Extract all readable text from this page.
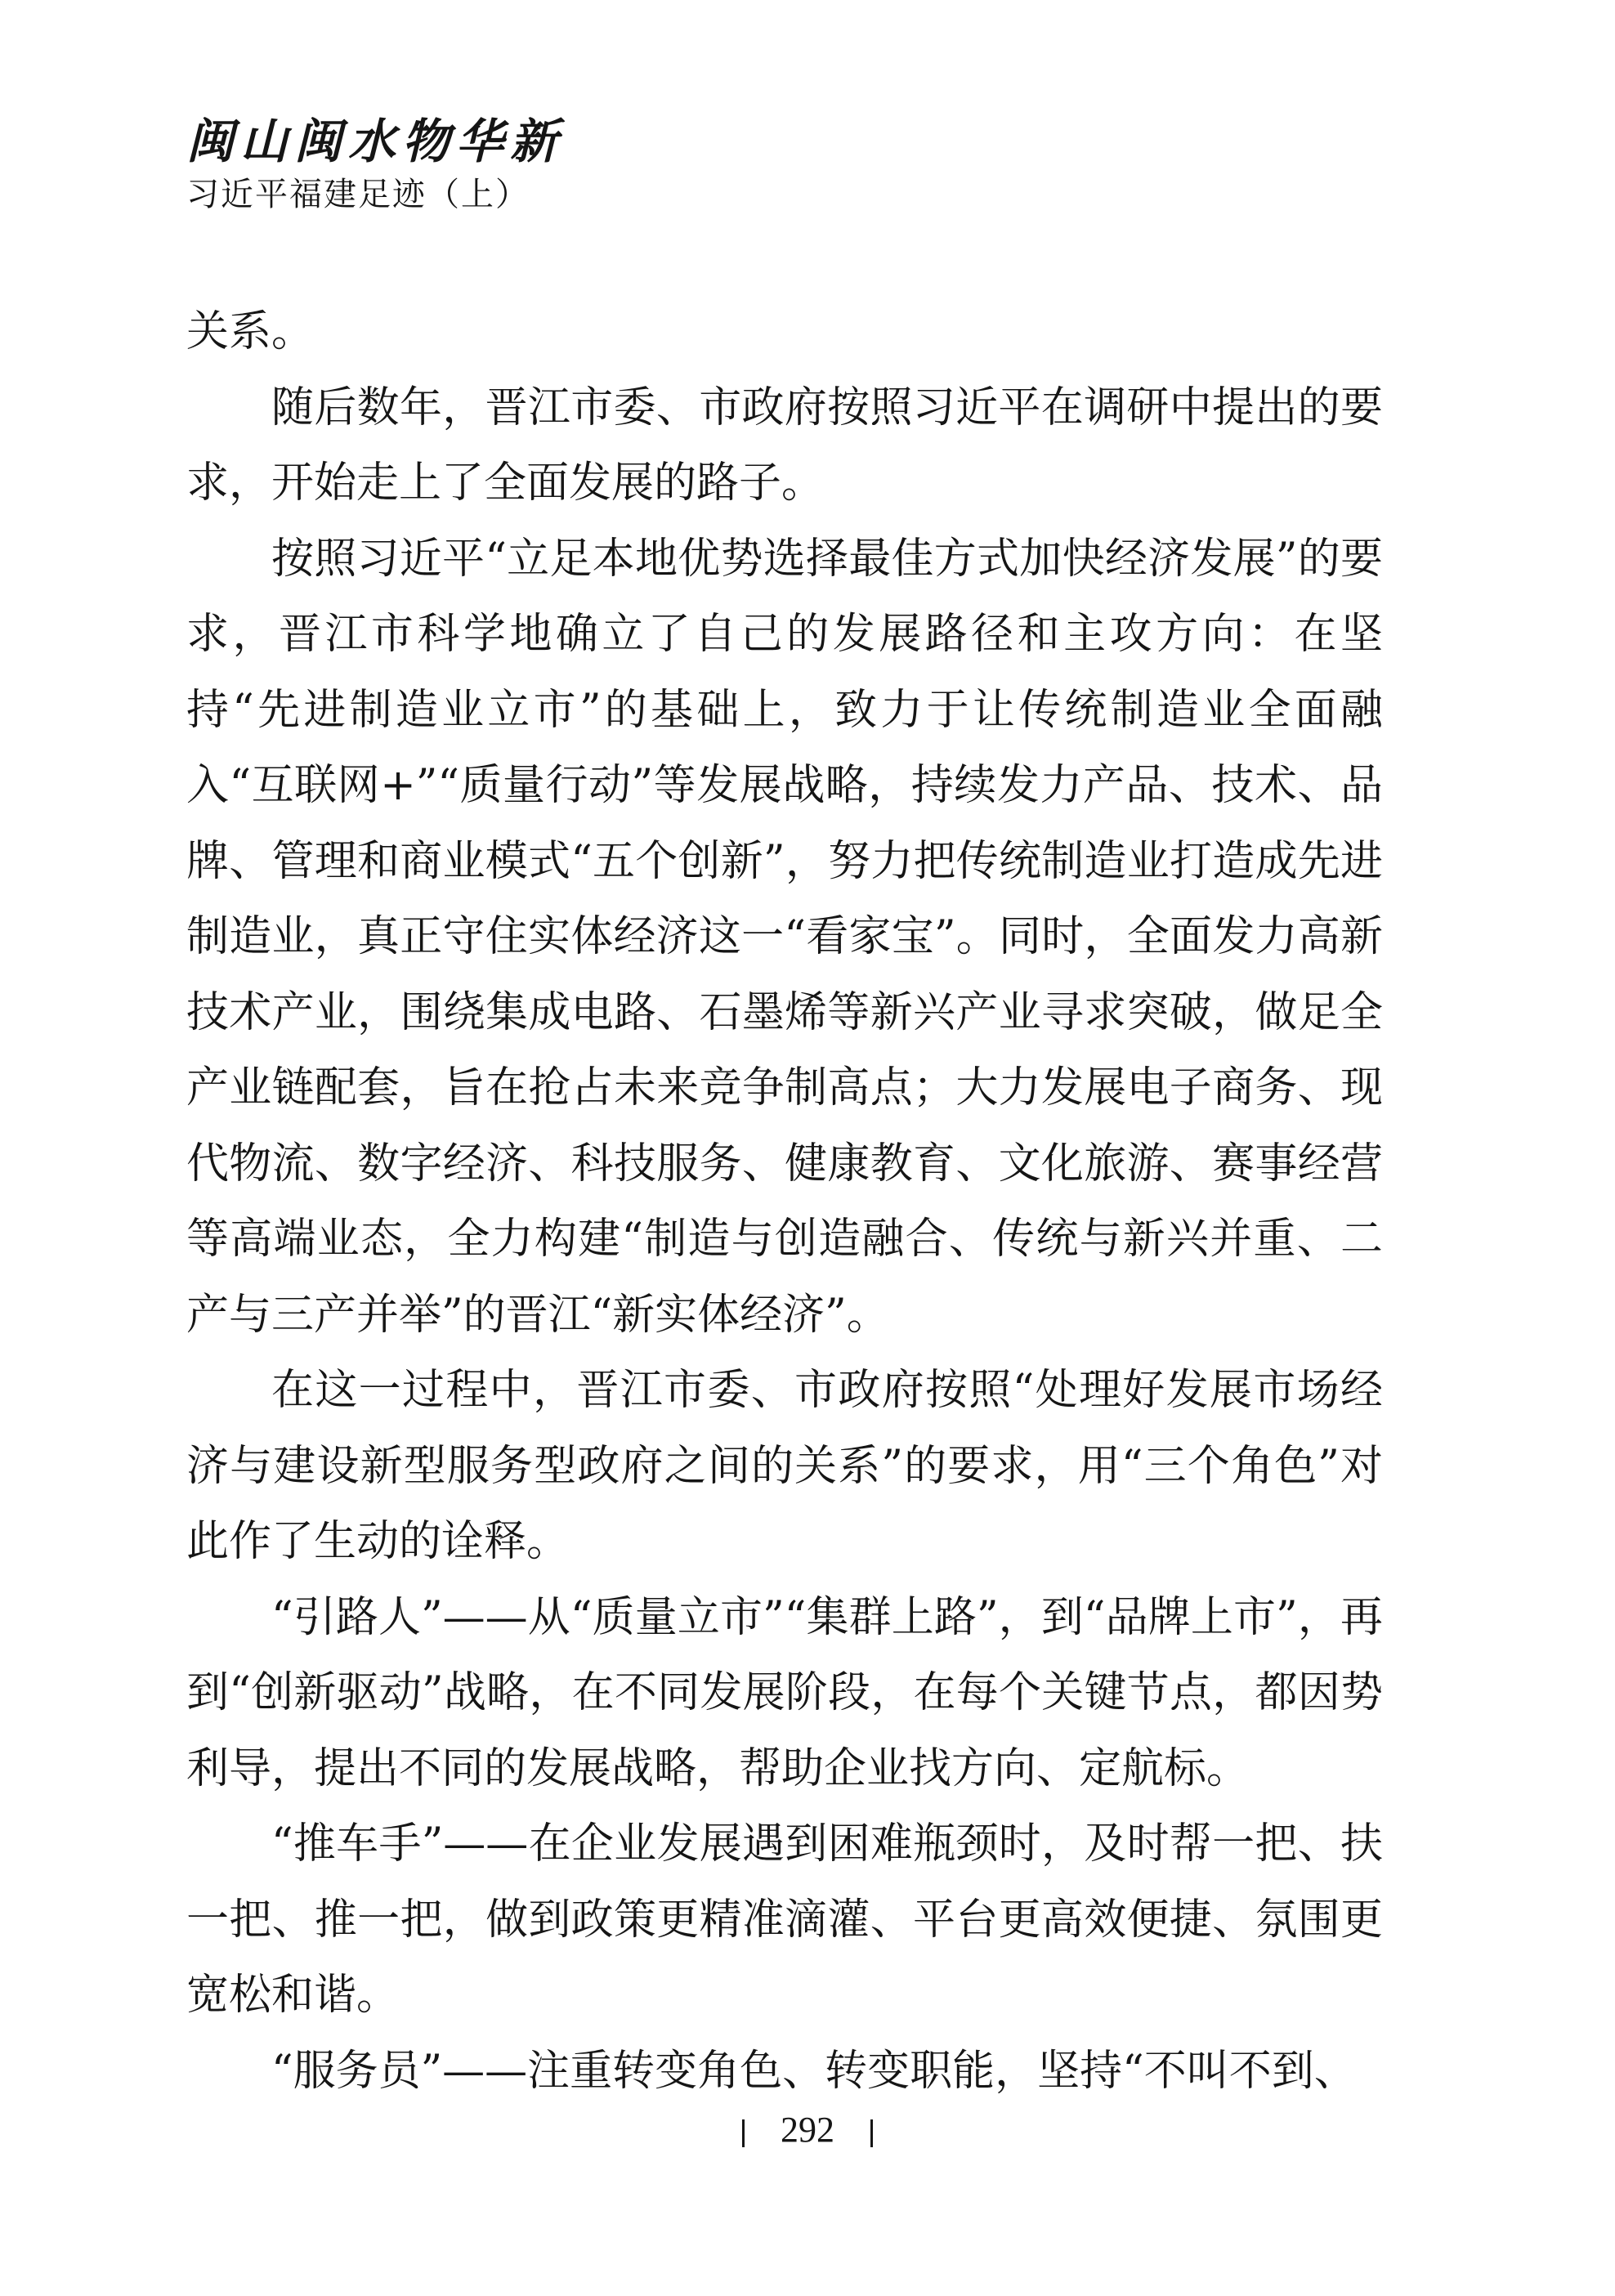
闽山闽水物华新
习近平福建足迹（上）

关系。

随后数年，晋江市委、市政府按照习近平在调研中提出的要求，开始走上了全面发展的路子。

按照习近平“立足本地优势选择最佳方式加快经济发展”的要求，晋江市科学地确立了自己的发展路径和主攻方向：在坚持“先进制造业立市”的基础上，致力于让传统制造业全面融入“互联网+”“质量行动”等发展战略，持续发力产品、技术、品牌、管理和商业模式“五个创新”，努力把传统制造业打造成先进制造业，真正守住实体经济这一“看家宝”。同时，全面发力高新技术产业，围绕集成电路、石墨烯等新兴产业寻求突破，做足全产业链配套，旨在抢占未来竞争制高点；大力发展电子商务、现代物流、数字经济、科技服务、健康教育、文化旅游、赛事经营等高端业态，全力构建“制造与创造融合、传统与新兴并重、二产与三产并举”的晋江“新实体经济”。

在这一过程中，晋江市委、市政府按照“处理好发展市场经济与建设新型服务型政府之间的关系”的要求，用“三个角色”对此作了生动的诠释。

“引路人”——从“质量立市”“集群上路”，到“品牌上市”，再到“创新驱动”战略，在不同发展阶段，在每个关键节点，都因势利导，提出不同的发展战略，帮助企业找方向、定航标。

“推车手”——在企业发展遇到困难瓶颈时，及时帮一把、扶一把、推一把，做到政策更精准滴灌、平台更高效便捷、氛围更宽松和谐。

“服务员”——注重转变角色、转变职能，坚持“不叫不到、

292
